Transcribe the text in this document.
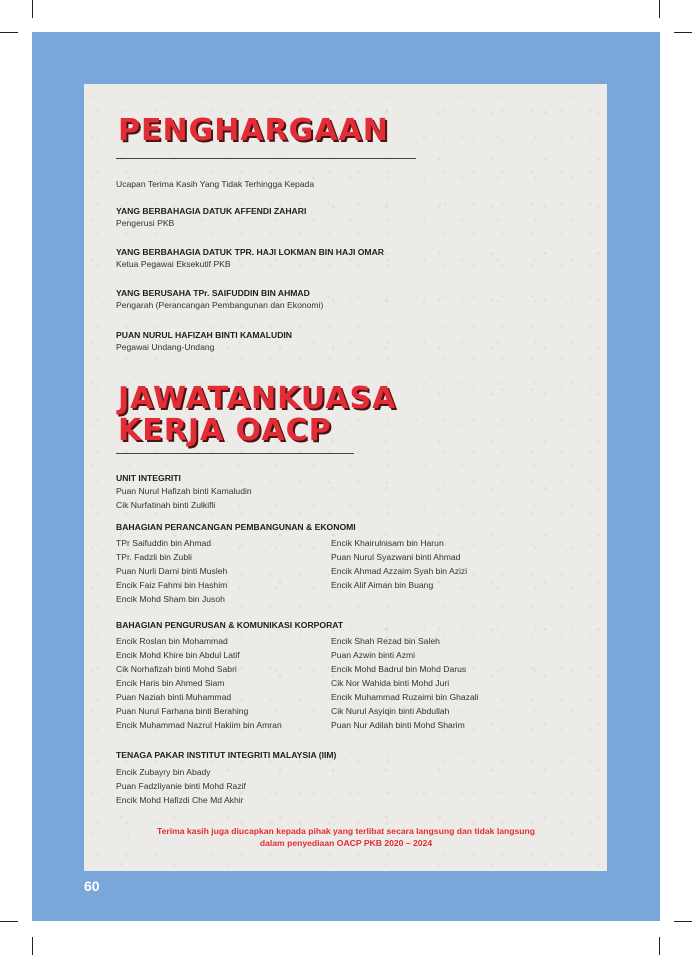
PENGHARGAAN
Ucapan Terima Kasih Yang Tidak Terhingga Kepada
YANG BERBAHAGIA DATUK AFFENDI ZAHARI
Pengerusi PKB
YANG BERBAHAGIA DATUK TPR. HAJI LOKMAN BIN HAJI OMAR
Ketua Pegawai Eksekutif PKB
YANG BERUSAHA TPr. SAIFUDDIN BIN AHMAD
Pengarah (Perancangan Pembangunan dan Ekonomi)
PUAN NURUL HAFIZAH BINTI KAMALUDIN
Pegawai Undang-Undang
JAWATANKUASA
KERJA OACP
UNIT INTEGRITI
Puan Nurul Hafizah binti Kamaludin
Cik Nurfatinah binti Zulkifli
BAHAGIAN PERANCANGAN PEMBANGUNAN & EKONOMI
TPr Saifuddin bin Ahmad
TPr. Fadzli bin Zubli
Puan Nurli Darni binti Musleh
Encik Faiz Fahmi bin Hashim
Encik Mohd Sham bin Jusoh
Encik Khairulnisam bin Harun
Puan Nurul Syazwani binti Ahmad
Encik Ahmad Azzaim Syah bin Azizi
Encik Alif Aiman bin Buang
BAHAGIAN PENGURUSAN & KOMUNIKASI KORPORAT
Encik Roslan bin Mohammad
Encik Mohd Khire bin Abdul Latif
Cik Norhafizah binti Mohd Sabri
Encik Haris bin Ahmed Siam
Puan Naziah binti Muhammad
Puan Nurul Farhana binti Berahing
Encik Muhammad Nazrul Hakiim bin Amran
Encik Shah Rezad bin Saleh
Puan Azwin binti Azmi
Encik Mohd Badrul bin Mohd Darus
Cik Nor Wahida binti Mohd Juri
Encik Muhammad Ruzaimi bin Ghazali
Cik Nurul Asyiqin binti Abdullah
Puan Nur Adilah binti Mohd Sharim
TENAGA PAKAR INSTITUT INTEGRITI MALAYSIA (IIM)
Encik Zubayry bin Abady
Puan Fadzliyanie binti Mohd Razif
Encik Mohd Hafizdi Che Md Akhir
Terima kasih juga diucapkan kepada pihak yang terlibat secara langsung dan tidak langsung
dalam penyediaan OACP PKB 2020 – 2024
60
